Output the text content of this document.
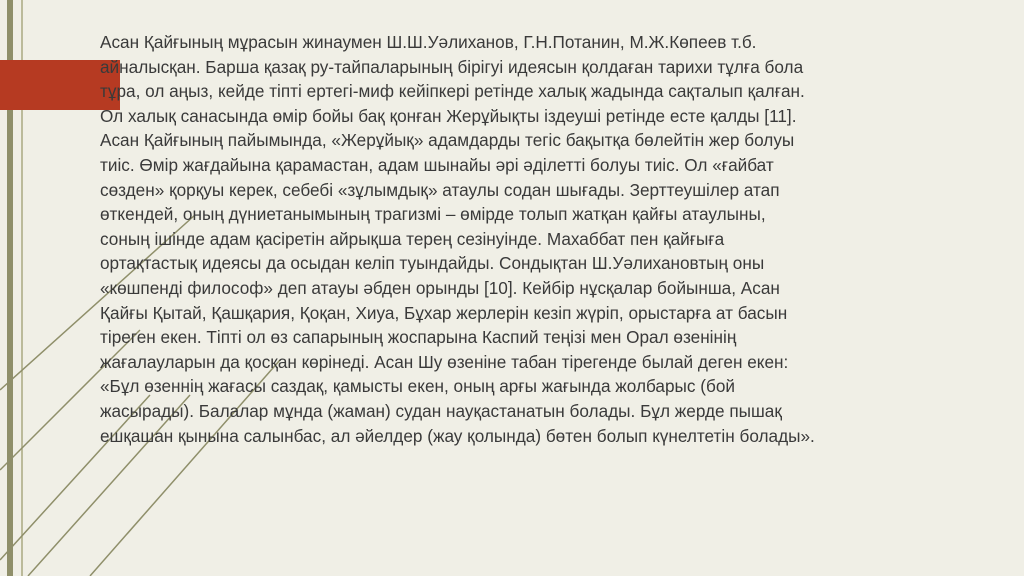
Асан Қайғының мұрасын жинаумен Ш.Ш.Уәлиханов, Г.Н.Потанин, М.Ж.Көпеев т.б.
айналысқан. Барша қазақ ру-тайпаларының бірігуі идеясын қолдаған тарихи тұлға бола
тұра, ол аңыз, кейде тіпті ертегі-миф кейіпкері ретінде халық жадында сақталып қалған.
Ол халық санасында өмір бойы бақ қонған Жерұйықты іздеуші ретінде есте қалды [11].
Асан Қайғының пайымында, «Жерұйық» адамдарды тегіс бақытқа бөлейтін жер болуы
тиіс. Өмір жағдайына қарамастан, адам шынайы әрі әділетті болуы тиіс. Ол «ғайбат
сөзден» қорқуы керек, себебі «зұлымдық» атаулы содан шығады. Зерттеушілер атап
өткендей, оның дүниетанымының трагизмі – өмірде толып жатқан қайғы атаулыны,
соның ішінде адам қасіретін айрықша терең сезінуінде. Махаббат пен қайғыға
ортақтастық идеясы да осыдан келіп туындайды. Сондықтан Ш.Уәлихановтың оны
«көшпенді философ» деп атауы әбден орынды [10]. Кейбір нұсқалар бойынша, Асан
Қайғы Қытай, Қашқария, Қоқан, Хиуа, Бұхар жерлерін кезіп жүріп, орыстарға ат басын
тіреген екен. Тіпті ол өз сапарының жоспарына Каспий теңізі мен Орал өзенінің
жағалауларын да қосқан көрінеді. Асан Шу өзеніне табан тірегенде былай деген екен:
«Бұл өзеннің жағасы саздақ, қамысты екен, оның арғы жағында жолбарыс (бой
жасырады). Балалар мұнда (жаман) судан науқастанатын болады. Бұл жерде пышақ
ешқашан қынына салынбас, ал әйелдер (жау қолында) бөтен болып күнелтетін болады».
